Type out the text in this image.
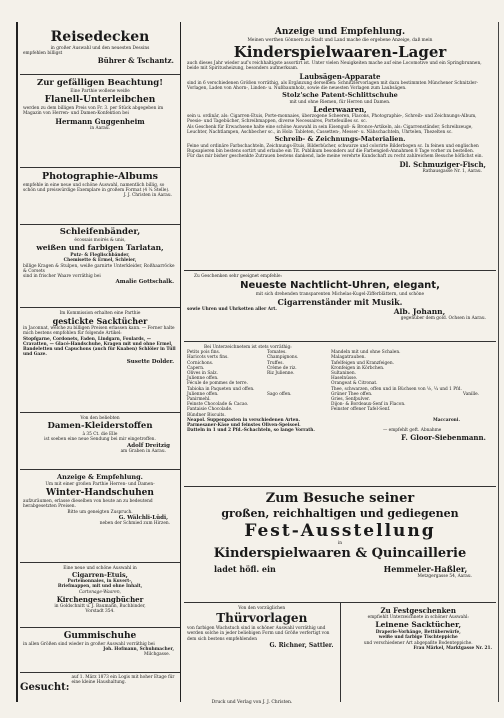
Reisedecken
in großer Auswahl und den neuesten Dessins
empfehlen billigst
Bührer & Tschantz.
Zur gefälligen Beachtung!
Eine Parthie wollene weiße
Flanell-Unterleibchen
werden zu dem billigen Preis von Fr. 3. per Stück abgegeben im Magazin von Herren- und Damen-Konfektion bei
Hermann Guggenheim
in Aarau.
Photographie-Albums
empfehle in eine neue und schöne Auswahl, namentlich billig, so schön und preiswürdige Exemplare in großem Format (4 ¼ Stelle).
J. J. Christen in Aarau.
Schleifenbänder,
écossais moirés & unis,
weißen und farbigen Tarlatan,
Putz- & Fleglischbänder,
Chemisette & Ermel, Schleier,
billige Kragen & Stulpen, weiße garnirte Unterkleider, Roßhaarröcke & Corsets
sind in frischer Waare vorräthig bei
Amalie Gottschalk.
Im Kommission erhalten eine Parthie
gestickte Sacktücher
in Jaconnat, welche zu billigen Preisen erlassen kann. — Ferner halte mich bestens empfohlen für folgende Artikel:
Stopfgarne, Cordonets, Faden, Lindgarn, Foulards, — Cravatten, — Glacé-Handschuhe, Kragen mit und ohne Ermel, Bandeletten und Capuchons (auch für Knaben) Schlöier in Tüll und Gaze.
Susette Dolder.
Von den beliebten
Damen-Kleiderstoffen
à 35 Ct. die Elle
ist soeben eine neue Sendung bei mir eingetroffen.
Adolf Dreitzig
am Graben in Aarau.
Anzeige & Empfehlung.
Um mit einer großen Parthie Herren- und Damen-
Winter-Handschuhen
aufzuräumen, erlasse dieselben von heute an zu bedeutend herabgesetzten Preisen.
Bitte um geneigten Zuspruch.
G. Wälchli-Lüdi,
neben der Schmied zum Hirzen.
Eine neue und schöne Auswahl in
Cigarren-Etuis,
Portemonnaies, in Kuvert-,
Briefmappen, mit und ohne Inhalt,
Cartonage-Waaren,
Kirchengesangbücher
in Goldschnitt u. J. Baumann, Buchbinder,
Vorstadt 354.
Gummischuhe
in allen Größen sind wieder in großer Auswahl vorräthig bei
Joh. Hofmann, Schuhmacher,
Milchgasse.
Gesucht:
auf 1. März 1873 ein Logis mit hoher Etage für eine kleine Haushaltung.
Anzeige und Empfehlung.
Meinen werthen Gönnern zu Stadt und Land mache die ergebene Anzeige, daß mein
Kinderspielwaaren-Lager
auch dieses Jahr wieder auf's reichhaltigste assortirt ist. Unter vielen Neuigkeiten mache auf eine Locomotive und ein Springbrunnen, beide mit Spiritusheizung, besonders aufmerksam.
Laubsägen-Apparate
sind in 6 verschiedenen Größen vorräthig, als Ergänzung derselben: Schnitzlervorlagen mit dazu bestimmten Münchener Schnitzler-Vorlagen, Laden von Ahorn-, Linden- u. Nußbaumholz, sowie die neuesten Vorlagen zum Laubsägen.
Stolz'sche Patent-Schlittschuhe
mit und ohne Riemen, für Herren und Damen.
Lederwaaren,
sein u. ordinär, als: Cigarren-Etuis, Porte-monnaies, überzogene Scheeren, Flacons, Photographie-, Schreib- und Zeichnungs-Album, Poesie- und Tagebücher, Schreibmappen, diverse Necessaires, Portefeuilles sc. sc.
Als Geschenk für Erwachsene halte eine schöne Auswahl in sein Eisenguß- & Bronce-Artikeln, als: Cigarrenständer, Schreibzeuge, Leuchter, Nachtlampen, Aschbecher sc., in Holz: Tableten, Cassetten-, Messer- u. Nähschachteln, Uhrtelen, Thezelten sc.
Schreib- & Zeichnungs-Materialien.
Feine und ordinäre Farbschachteln, Zeichnungs-Etuis, Bilderbücher, schwarze und colorirte Bilderbogen sc. In feinen und englischen Rupsapieren bin bestens sortirt und erlaube ein Tit. Publikum besonders auf die Farbengieß-Annahmen 8 Tage vorher zu bestellen.
Für das mir bisher geschenkte Zutrauen bestens dankend, lade meine verehrte Kundschaft zu recht zahlreichem Besuche höflichst ein.
Dl. Schmuziger-Fisch,
Rathausgasse Nr. 1, Aarau.
Zu Geschenken sehr geeignet empfehle:
Neueste Nachtlicht-Uhren, elegant,
mit sich drehenden transparenten Michelas-Kugel-Zifferblättern, und schöne
Cigarrenständer mit Musik.
sowie Uhren und Uhrketten aller Art.	Alb. Johann,
gegenüber dem gold. Ochsen in Aarau.
Bei Unterzeichnetem ist stets vorräthig:
Petits pois fins.
Haricots verts fins.
Cornichons.
Capern.
Olives in Salz.
Julienne offen.
Fécule de pommes de terre.
Tabioka in Paqueten und offen.
Julienne offen.
Panirmehl.
Feinste Chocolade & Cacao.
Fantaisie Chocolade.
Bündner Biscuits.
Tomates.
Champignons.
Truffes.
Crème de riz.
Riz Julienne.
Sago offen.
Mandeln mit und ohne Schalen.
Malagatrauben.
Tafelfeigen und Kranzfeigen.
Kronfeigen in Körbchen.
Sultaninen.
Haselnüsse.
Orangeat & Citronat.
Thee, schwarzen, offen und in Büchsen von ⅛, ¼ und 1 Pfd.
Grüner Thee offen.
Gries, Senfpulver.
Dijon- & Bordeaux-Senf in Flacon.
Feinster offener Tafel-Senf.
Vanille.
Neapol. Suppenpasten in verschiedenen Arten.	Maccaroni.
Parmesaner-Käse und feinstes Oliven-Speisoel.
Datteln in 1 und 2 Pfd.-Schachteln, so lange Vorrath.	— empfehlt geft. Abnahme
F. Gloor-Siebenmann.
Zum Besuche seiner
großen, reichhaltigen und gediegenen
Fest-Ausstellung
in
Kinderspielwaaren & Quincaillerie
ladet höfl. ein	Hemmeler-Haßler,
Metzgergasse 54, Aarau.
Von den vorzüglichen
Thürvorlagen
von farbigen Wachstuch sind in schöner Auswahl vorräthig und werden solche in jeder beliebigen Form und Größe verfertigt von dem sich bestens empfehlenden
G. Richner, Sattler.
Zu Festgeschenken
empfiehlt Unterzeichnete in schöner Auswahl:
Leinene Sacktücher,
Draperie-Vorhänge, Bettüberwürfe,
weiße und farbige Tischteppiche
und verschiedener Art abgepaßte Bodenteppiche.
Frau Märkel, Marktgasse Nr. 21.
Druck und Verlag von J. J. Christen.
